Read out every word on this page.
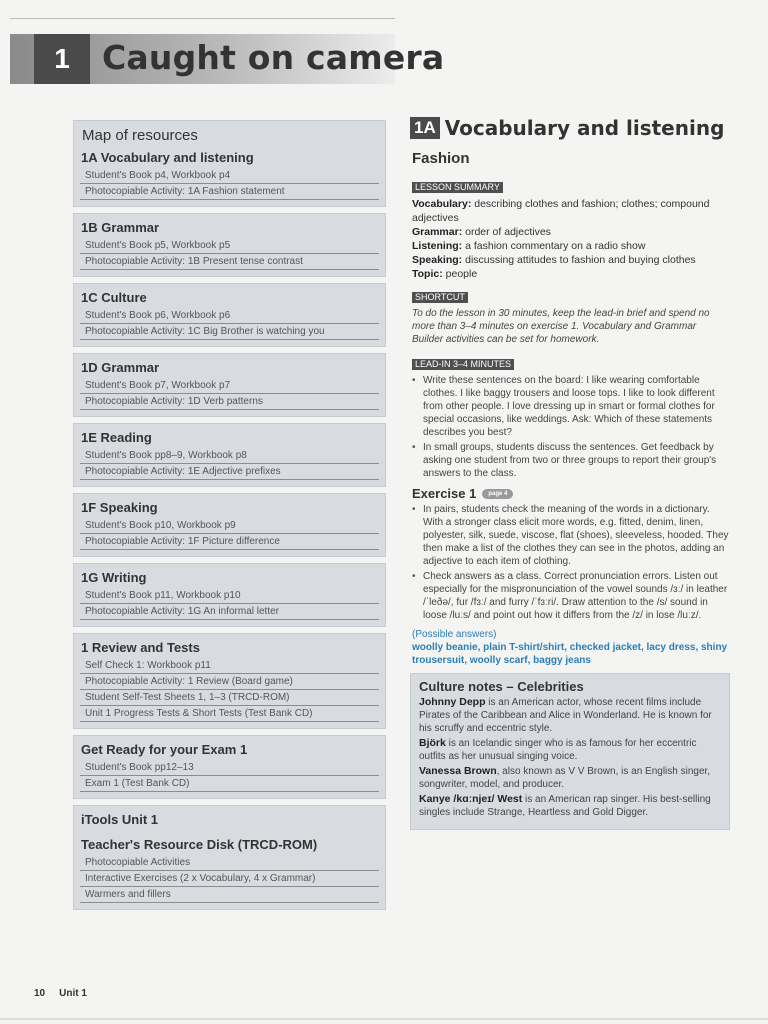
1 Caught on camera
Map of resources
1A Vocabulary and listening
Student's Book p4, Workbook p4
Photocopiable Activity: 1A Fashion statement
1B Grammar
Student's Book p5, Workbook p5
Photocopiable Activity: 1B Present tense contrast
1C Culture
Student's Book p6, Workbook p6
Photocopiable Activity: 1C Big Brother is watching you
1D Grammar
Student's Book p7, Workbook p7
Photocopiable Activity: 1D Verb patterns
1E Reading
Student's Book pp8–9, Workbook p8
Photocopiable Activity: 1E Adjective prefixes
1F Speaking
Student's Book p10, Workbook p9
Photocopiable Activity: 1F Picture difference
1G Writing
Student's Book p11, Workbook p10
Photocopiable Activity: 1G An informal letter
1 Review and Tests
Self Check 1: Workbook p11
Photocopiable Activity: 1 Review (Board game)
Student Self-Test Sheets 1, 1–3 (TRCD-ROM)
Unit 1 Progress Tests & Short Tests (Test Bank CD)
Get Ready for your Exam 1
Student's Book pp12–13
Exam 1 (Test Bank CD)
iTools Unit 1
Teacher's Resource Disk (TRCD-ROM)
Photocopiable Activities
Interactive Exercises (2 x Vocabulary, 4 x Grammar)
Warmers and fillers
1A Vocabulary and listening
Fashion
LESSON SUMMARY
Vocabulary: describing clothes and fashion; clothes; compound adjectives
Grammar: order of adjectives
Listening: a fashion commentary on a radio show
Speaking: discussing attitudes to fashion and buying clothes
Topic: people
SHORTCUT
To do the lesson in 30 minutes, keep the lead-in brief and spend no more than 3–4 minutes on exercise 1. Vocabulary and Grammar Builder activities can be set for homework.
LEAD-IN 3–4 MINUTES
• Write these sentences on the board: I like wearing comfortable clothes. I like baggy trousers and loose tops. I like to look different from other people. I love dressing up in smart or formal clothes for special occasions, like weddings. Ask: Which of these statements describes you best?
• In small groups, students discuss the sentences. Get feedback by asking one student from two or three groups to report their group's answers to the class.
Exercise 1	page 4
• In pairs, students check the meaning of the words in a dictionary. With a stronger class elicit more words, e.g. fitted, denim, linen, polyester, silk, suede, viscose, flat (shoes), sleeveless, hooded. They then make a list of the clothes they can see in the photos, adding an adjective to each item of clothing.
• Check answers as a class. Correct pronunciation errors. Listen out especially for the mispronunciation of the vowel sounds /ɜː/ in leather /ˈleðə/, fur /fɜː/ and furry /ˈfɜːri/. Draw attention to the /s/ sound in loose /luːs/ and point out how it differs from the /z/ in lose /luːz/.
(Possible answers)
woolly beanie, plain T-shirt/shirt, checked jacket, lacy dress, shiny trousersuit, woolly scarf, baggy jeans
Culture notes – Celebrities
Johnny Depp is an American actor, whose recent films include Pirates of the Caribbean and Alice in Wonderland. He is known for his scruffy and eccentric style.
Björk is an Icelandic singer who is as famous for her eccentric outfits as her unusual singing voice.
Vanessa Brown, also known as V V Brown, is an English singer, songwriter, model, and producer.
Kanye /kɑːnjeɪ/ West is an American rap singer. His best-selling singles include Strange, Heartless and Gold Digger.
10 Unit 1
